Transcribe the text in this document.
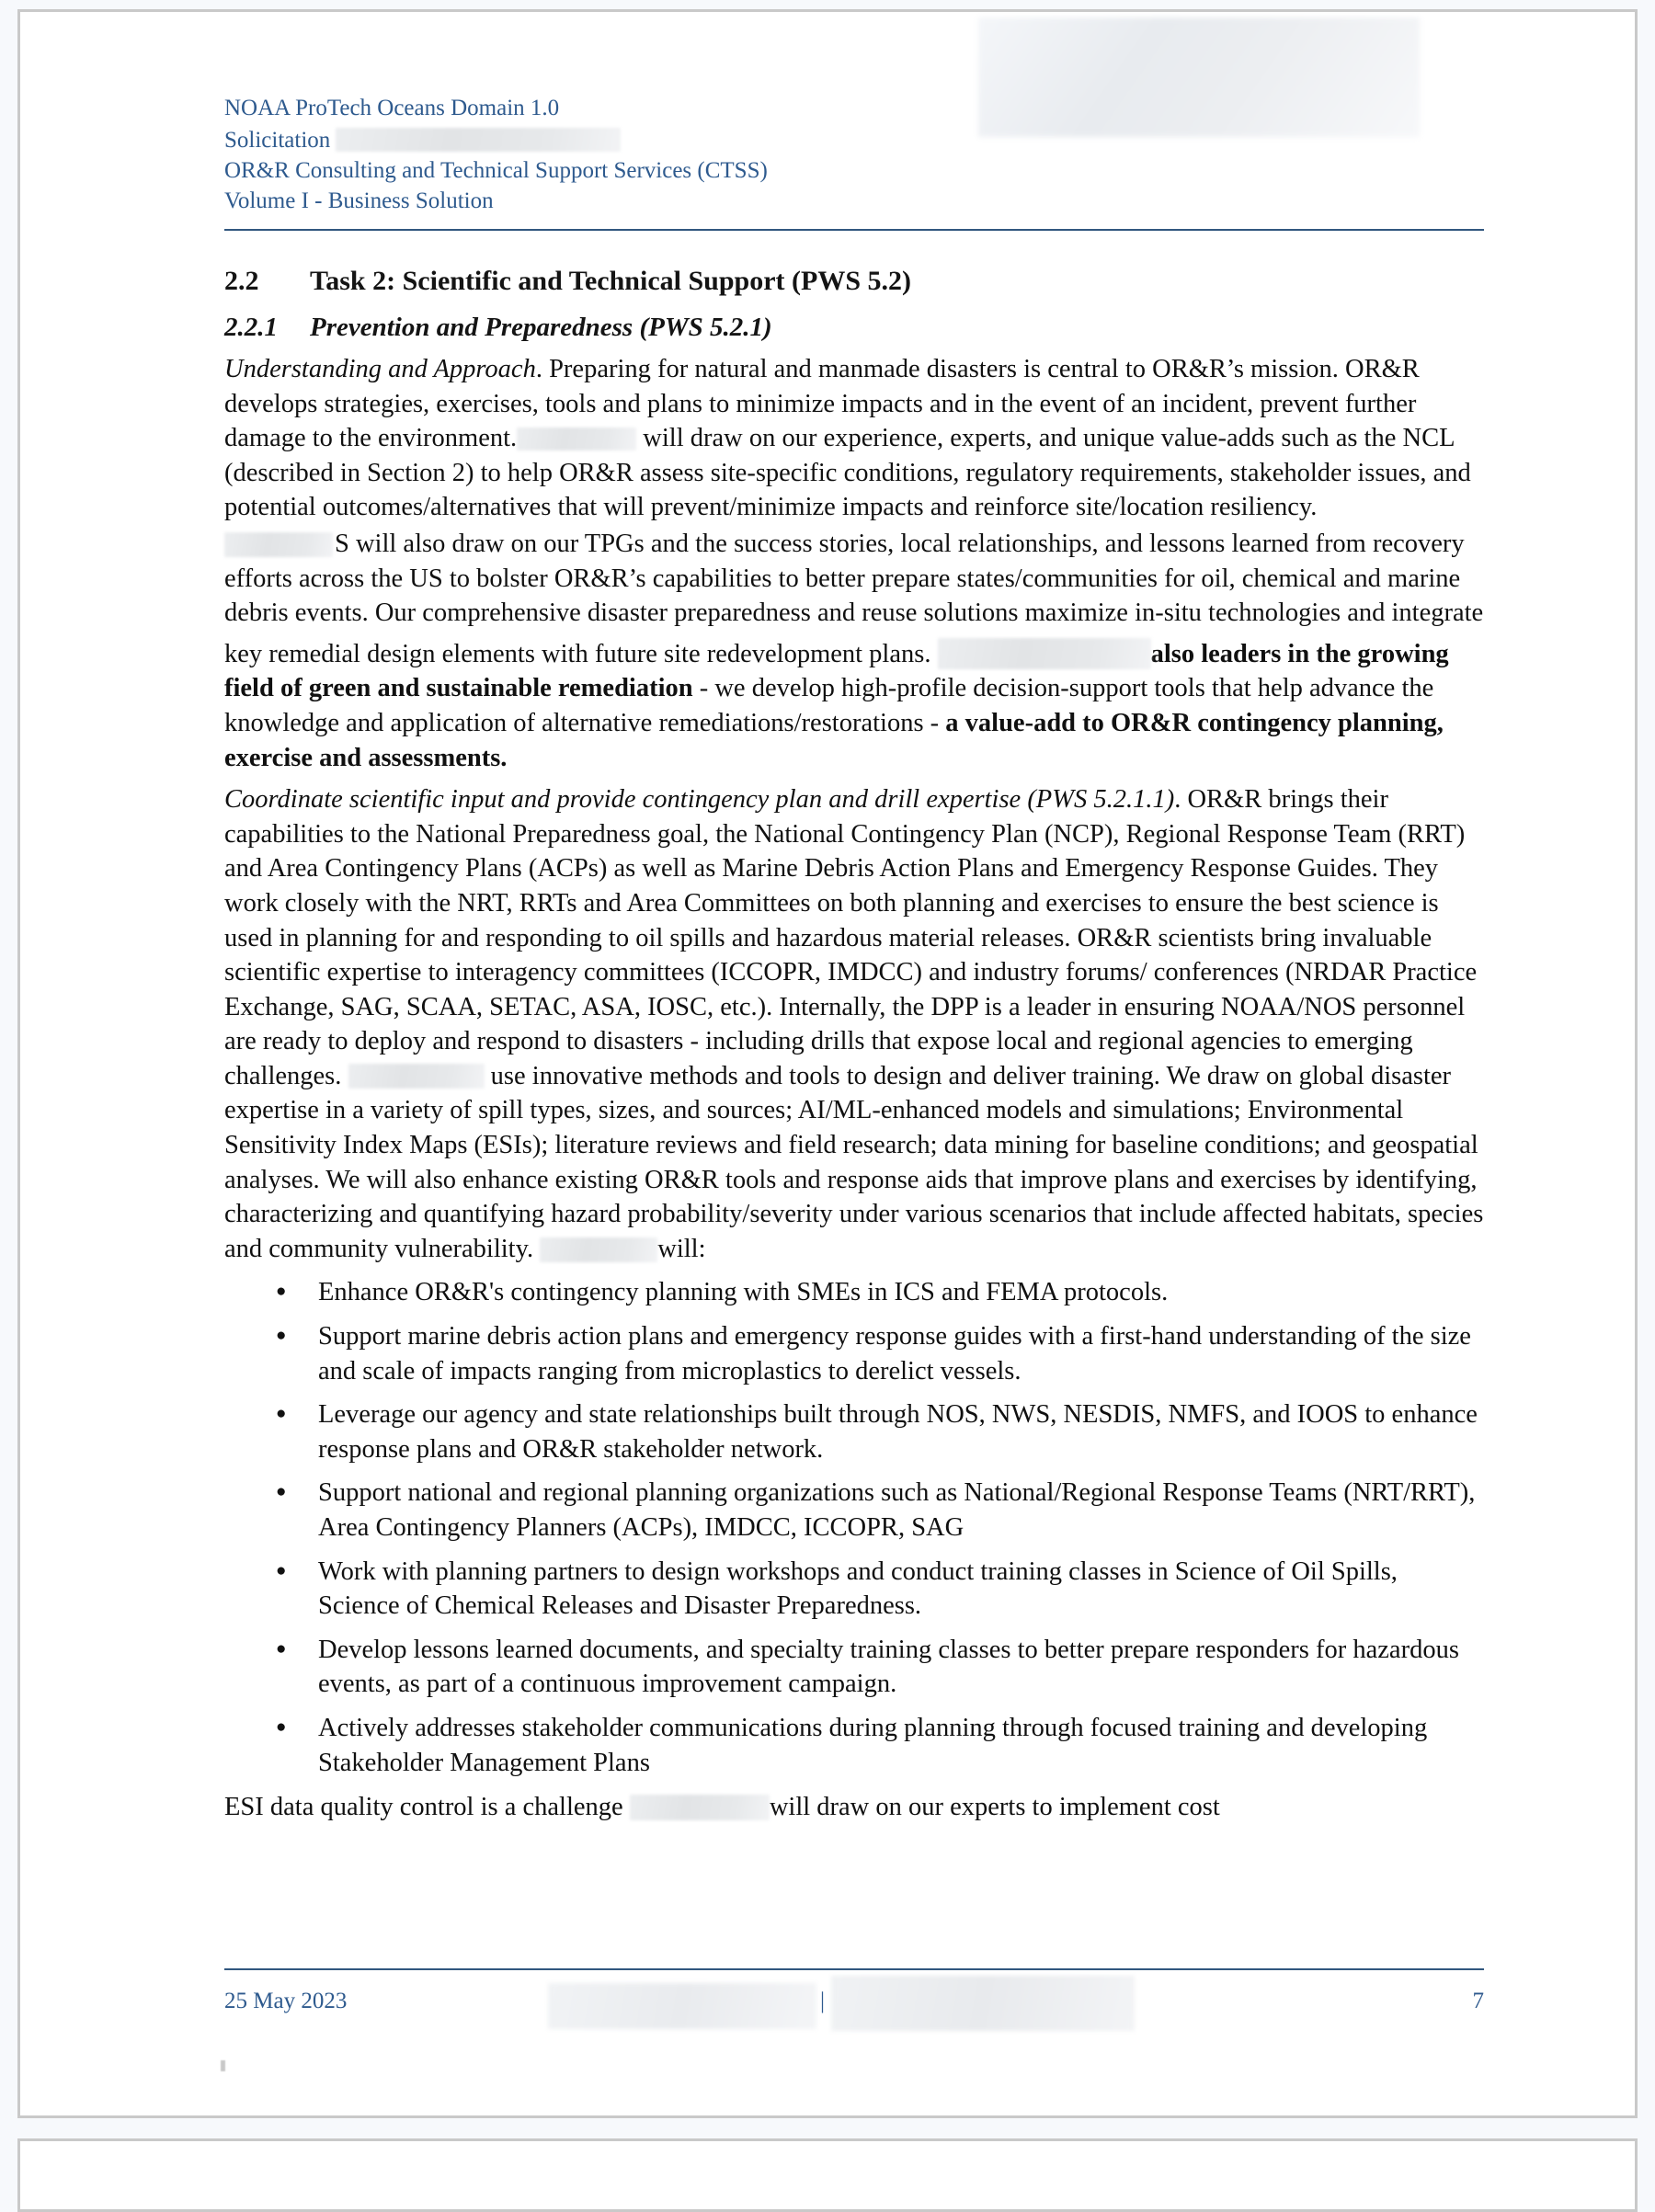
NOAA ProTech Oceans Domain 1.0
Solicitation
OR&R Consulting and Technical Support Services (CTSS)
Volume I - Business Solution
2.2 Task 2: Scientific and Technical Support (PWS 5.2)
2.2.1 Prevention and Preparedness (PWS 5.2.1)

Understanding and Approach. Preparing for natural and manmade disasters is central to OR&R’s mission. OR&R develops strategies, exercises, tools and plans to minimize impacts and in the event of an incident, prevent further damage to the environment.	will draw on our experience, experts, and unique value-adds such as the NCL (described in Section 2) to help OR&R assess site-specific conditions, regulatory requirements, stakeholder issues, and potential outcomes/alternatives that will prevent/minimize impacts and reinforce site/location resiliency.

S will also draw on our TPGs and the success stories, local relationships, and lessons learned from recovery efforts across the US to bolster OR&R’s capabilities to better prepare states/communities for oil, chemical and marine debris events. Our comprehensive disaster preparedness and reuse solutions maximize in-situ technologies and integrate key remedial design elements with future site redevelopment plans.	also leaders in the growing field of green and sustainable remediation - we develop high-profile decision-support tools that help advance the knowledge and application of alternative remediations/restorations - a value-add to OR&R contingency planning, exercise and assessments.

Coordinate scientific input and provide contingency plan and drill expertise (PWS 5.2.1.1). OR&R brings their capabilities to the National Preparedness goal, the National Contingency Plan (NCP), Regional Response Team (RRT) and Area Contingency Plans (ACPs) as well as Marine Debris Action Plans and Emergency Response Guides. They work closely with the NRT, RRTs and Area Committees on both planning and exercises to ensure the best science is used in planning for and responding to oil spills and hazardous material releases. OR&R scientists bring invaluable scientific expertise to interagency committees (ICCOPR, IMDCC) and industry forums/ conferences (NRDAR Practice Exchange, SAG, SCAA, SETAC, ASA, IOSC, etc.). Internally, the DPP is a leader in ensuring NOAA/NOS personnel are ready to deploy and respond to disasters - including drills that expose local and regional agencies to emerging challenges.	use innovative methods and tools to design and deliver training. We draw on global disaster expertise in a variety of spill types, sizes, and sources; AI/ML-enhanced models and simulations; Environmental Sensitivity Index Maps (ESIs); literature reviews and field research; data mining for baseline conditions; and geospatial analyses. We will also enhance existing OR&R tools and response aids that improve plans and exercises by identifying, characterizing and quantifying hazard probability/severity under various scenarios that include affected habitats, species and community vulnerability.	will:

● Enhance OR&R's contingency planning with SMEs in ICS and FEMA protocols.
● Support marine debris action plans and emergency response guides with a first-hand understanding of the size and scale of impacts ranging from microplastics to derelict vessels.
● Leverage our agency and state relationships built through NOS, NWS, NESDIS, NMFS, and IOOS to enhance response plans and OR&R stakeholder network.
● Support national and regional planning organizations such as National/Regional Response Teams (NRT/RRT), Area Contingency Planners (ACPs), IMDCC, ICCOPR, SAG
● Work with planning partners to design workshops and conduct training classes in Science of Oil Spills, Science of Chemical Releases and Disaster Preparedness.
● Develop lessons learned documents, and specialty training classes to better prepare responders for hazardous events, as part of a continuous improvement campaign.
● Actively addresses stakeholder communications during planning through focused training and developing Stakeholder Management Plans

ESI data quality control is a challenge	will draw on our experts to implement cost

25 May 2023	|	7
